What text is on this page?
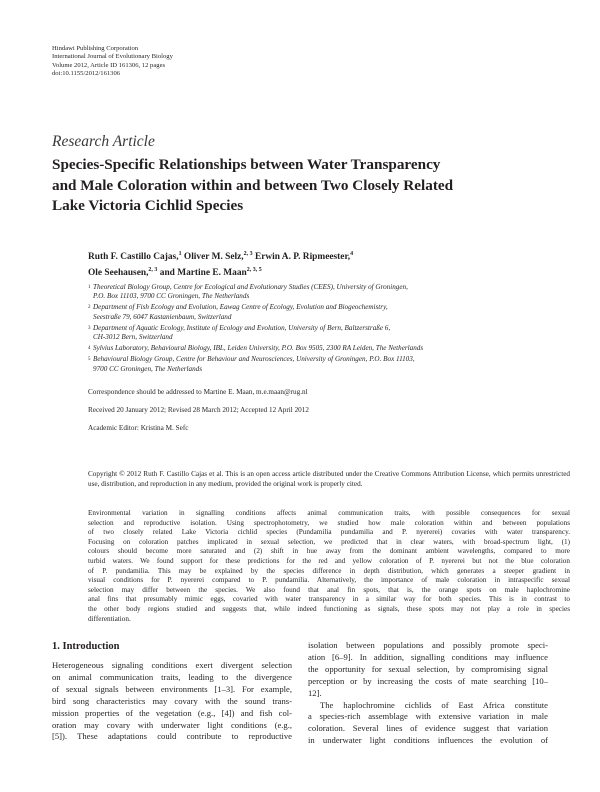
Hindawi Publishing Corporation
International Journal of Evolutionary Biology
Volume 2012, Article ID 161306, 12 pages
doi:10.1155/2012/161306
Research Article
Species-Specific Relationships between Water Transparency
and Male Coloration within and between Two Closely Related
Lake Victoria Cichlid Species
Ruth F. Castillo Cajas,$^1$ Oliver M. Selz,$^{2, 3}$ Erwin A. P. Ripmeester,$^4$
Ole Seehausen,$^{2, 3}$ and Martine E. Maan$^{2, 3, 5}$
1 Theoretical Biology Group, Centre for Ecological and Evolutionary Studies (CEES), University of Groningen,
P.O. Box 11103, 9700 CC Groningen, The Netherlands
2 Department of Fish Ecology and Evolution, Eawag Centre of Ecology, Evolution and Biogeochemistry,
Seestraße 79, 6047 Kastanienbaum, Switzerland
3 Department of Aquatic Ecology, Institute of Ecology and Evolution, University of Bern, Baltzerstraße 6,
CH-3012 Bern, Switzerland
4 Sylvius Laboratory, Behavioural Biology, IBL, Leiden University, P.O. Box 9505, 2300 RA Leiden, The Netherlands
5 Behavioural Biology Group, Centre for Behaviour and Neurosciences, University of Groningen, P.O. Box 11103,
9700 CC Groningen, The Netherlands
Correspondence should be addressed to Martine E. Maan, m.e.maan@rug.nl
Received 20 January 2012; Revised 28 March 2012; Accepted 12 April 2012
Academic Editor: Kristina M. Sefc
Copyright © 2012 Ruth F. Castillo Cajas et al. This is an open access article distributed under the Creative Commons Attribution License, which permits unrestricted use, distribution, and reproduction in any medium, provided the original work is properly cited.
Environmental variation in signalling conditions affects animal communication traits, with possible consequences for sexual
selection and reproductive isolation. Using spectrophotometry, we studied how male coloration within and between populations
of two closely related Lake Victoria cichlid species (Pundamilia pundamilia and P. nyererei) covaries with water transparency.
Focusing on coloration patches implicated in sexual selection, we predicted that in clear waters, with broad-spectrum light, (1)
colours should become more saturated and (2) shift in hue away from the dominant ambient wavelengths, compared to more
turbid waters. We found support for these predictions for the red and yellow coloration of P. nyererei but not the blue coloration
of P. pundamilia. This may be explained by the species difference in depth distribution, which generates a steeper gradient in
visual conditions for P. nyererei compared to P. pundamilia. Alternatively, the importance of male coloration in intraspecific sexual
selection may differ between the species. We also found that anal fin spots, that is, the orange spots on male haplochromine
anal fins that presumably mimic eggs, covaried with water transparency in a similar way for both species. This is in contrast to
the other body regions studied and suggests that, while indeed functioning as signals, these spots may not play a role in species
differentiation.
1. Introduction
Heterogeneous signaling conditions exert divergent selection
on animal communication traits, leading to the divergence
of sexual signals between environments [1–3]. For example,
bird song characteristics may covary with the sound trans-
mission properties of the vegetation (e.g., [4]) and fish col-
oration may covary with underwater light conditions (e.g.,
[5]). These adaptations could contribute to reproductive
isolation between populations and possibly promote speci-
ation [6–9]. In addition, signalling conditions may influence
the opportunity for sexual selection, by compromising signal
perception or by increasing the costs of mate searching [10–
12].
The haplochromine cichlids of East Africa constitute
a species-rich assemblage with extensive variation in male
coloration. Several lines of evidence suggest that variation
in underwater light conditions influences the evolution of
